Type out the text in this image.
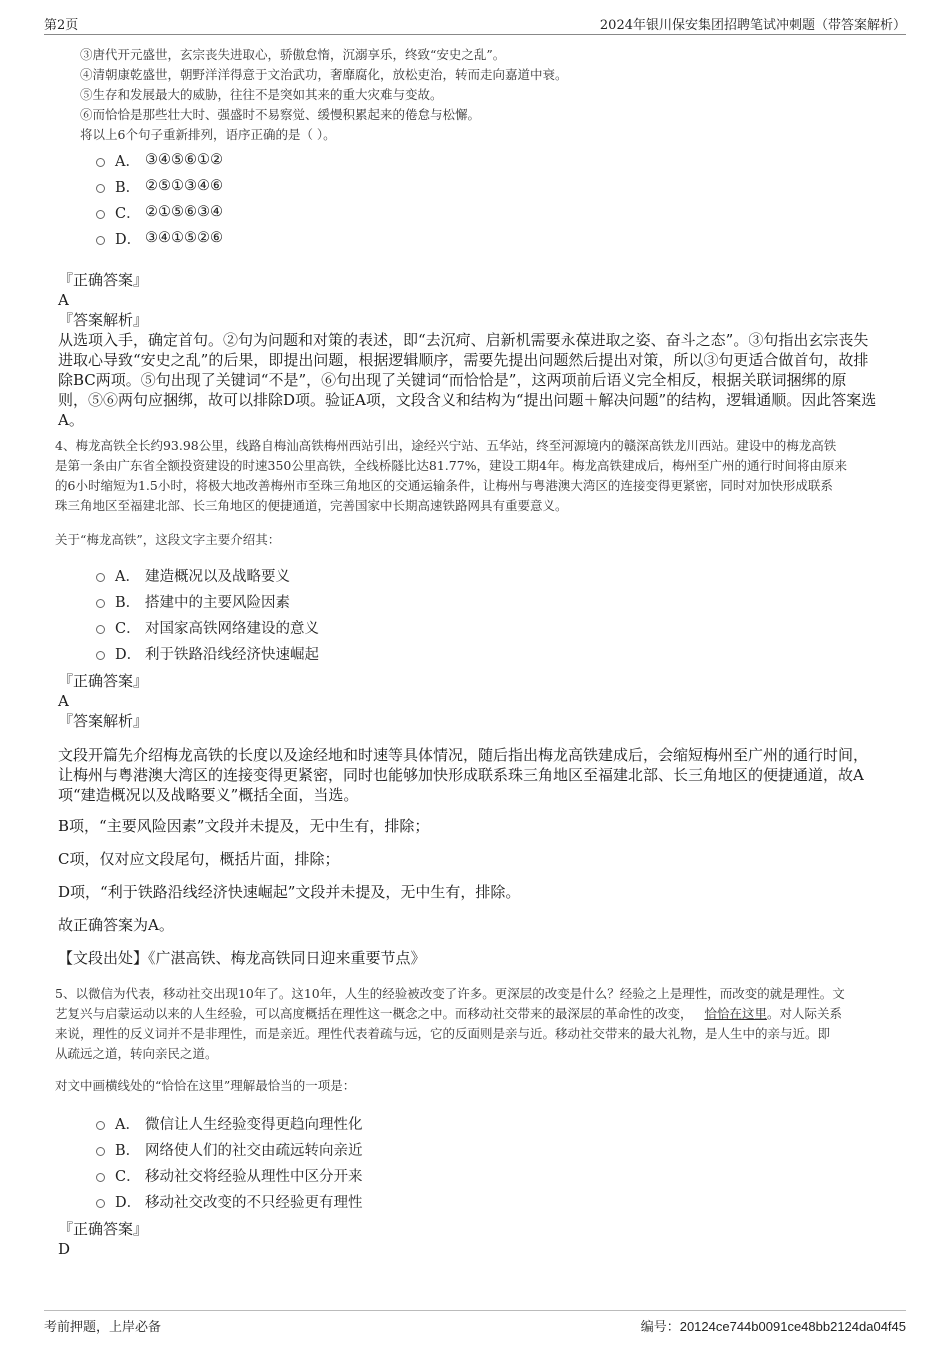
第2页	2024年银川保安集团招聘笔试冲刺题（带答案解析）
③唐代开元盛世，玄宗丧失进取心，骄傲怠惰，沉溺享乐，终致“安史之乱”。
④清朝康乾盛世，朝野洋洋得意于文治武功，奢靡腐化，放松吏治，转而走向嘉道中衰。
⑤生存和发展最大的威胁，往往不是突如其来的重大灾难与变故。
⑥而恰恰是那些壮大时、强盛时不易察觉、缓慢积累起来的倦怠与松懈。
将以上6个句子重新排列，语序正确的是（ ）。
A． ③④⑤⑥①②
B． ②⑤①③④⑥
C． ②①⑤⑥③④
D． ③④①⑤②⑥
『正确答案』
A
『答案解析』
从选项入手，确定首句。②句为问题和对策的表述，即“去沉疴、启新机需要永葆进取之姿、奋斗之态”。③句指出玄宗丧失
进取心导致“安史之乱”的后果，即提出问题，根据逻辑顺序，需要先提出问题然后提出对策，所以③句更适合做首句，故排
除BC两项。⑤句出现了关键词“不是”，⑥句出现了关键词“而恰恰是”，这两项前后语义完全相反，根据关联词捆绑的原
则，⑤⑥两句应捆绑，故可以排除D项。验证A项，文段含义和结构为“提出问题＋解决问题”的结构，逻辑通顺。因此答案选
A。
4、梅龙高铁全长约93.98公里，线路自梅汕高铁梅州西站引出，途经兴宁站、五华站，终至河源境内的赣深高铁龙川西站。建设中的梅龙高铁
是第一条由广东省全额投资建设的时速350公里高铁，全线桥隧比达81.77%，建设工期4年。梅龙高铁建成后，梅州至广州的通行时间将由原来
的6小时缩短为1.5小时，将极大地改善梅州市至珠三角地区的交通运输条件，让梅州与粤港澳大湾区的连接变得更紧密，同时对加快形成联系
珠三角地区至福建北部、长三角地区的便捷通道，完善国家中长期高速铁路网具有重要意义。
关于“梅龙高铁”，这段文字主要介绍其：
A． 建造概况以及战略要义
B． 搭建中的主要风险因素
C． 对国家高铁网络建设的意义
D． 利于铁路沿线经济快速崛起
『正确答案』
A
『答案解析』
文段开篇先介绍梅龙高铁的长度以及途经地和时速等具体情况，随后指出梅龙高铁建成后，会缩短梅州至广州的通行时间，
让梅州与粤港澳大湾区的连接变得更紧密，同时也能够加快形成联系珠三角地区至福建北部、长三角地区的便捷通道，故A
项“建造概况以及战略要义”概括全面，当选。
B项，“主要风险因素”文段并未提及，无中生有，排除；
C项，仅对应文段尾句，概括片面，排除；
D项，“利于铁路沿线经济快速崛起”文段并未提及，无中生有，排除。
故正确答案为A。
【文段出处】《广湛高铁、梅龙高铁同日迎来重要节点》
5、以微信为代表，移动社交出现10年了。这10年，人生的经验被改变了许多。更深层的改变是什么？经验之上是理性，而改变的就是理性。文
艺复兴与启蒙运动以来的人生经验，可以高度概括在理性这一概念之中。而移动社交带来的最深层的革命性的改变， 恰恰在这里。对人际关系
来说，理性的反义词并不是非理性，而是亲近。理性代表着疏与远，它的反面则是亲与近。移动社交带来的最大礼物，是人生中的亲与近。即
从疏远之道，转向亲民之道。
对文中画横线处的“恰恰在这里”理解最恰当的一项是：
A． 微信让人生经验变得更趋向理性化
B． 网络使人们的社交由疏远转向亲近
C． 移动社交将经验从理性中区分开来
D． 移动社交改变的不只经验更有理性
『正确答案』
D
考前押题，上岸必备	编号：20124ce744b0091ce48bb2124da04f45
